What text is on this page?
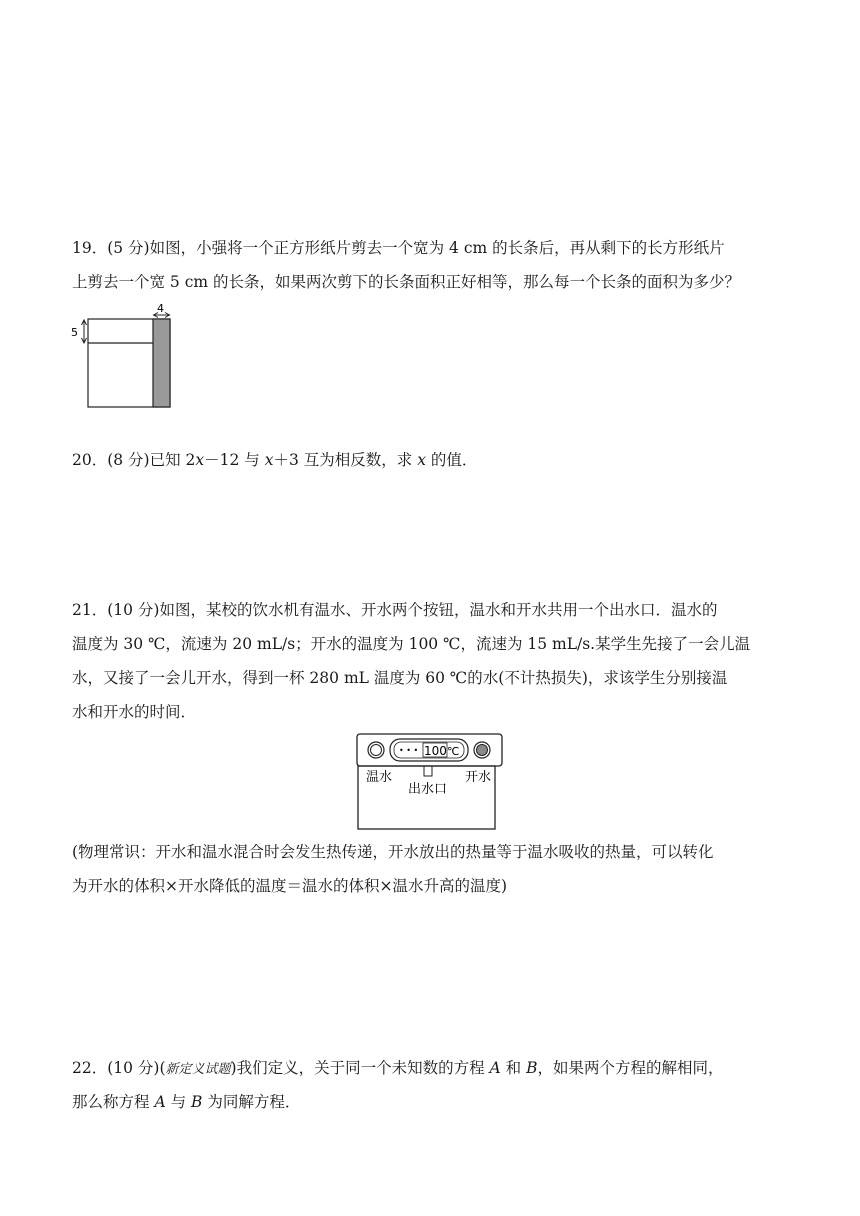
19．(5 分)如图，小强将一个正方形纸片剪去一个宽为 4 cm 的长条后，再从剩下的长方形纸片
上剪去一个宽 5 cm 的长条，如果两次剪下的长条面积正好相等，那么每一个长条的面积为多少？
4
5
20．(8 分)已知 2x－12 与 x＋3 互为相反数，求 x 的值．
21．(10 分)如图，某校的饮水机有温水、开水两个按钮，温水和开水共用一个出水口．温水的
温度为 30 ℃，流速为 20 mL/s；开水的温度为 100 ℃，流速为 15 mL/s.某学生先接了一会儿温
水，又接了一会儿开水，得到一杯 280 mL 温度为 60 ℃的水(不计热损失)，求该学生分别接温
水和开水的时间．
• • • 100 ℃
温水	开水
出水口
(物理常识：开水和温水混合时会发生热传递，开水放出的热量等于温水吸收的热量，可以转化
为开水的体积×开水降低的温度＝温水的体积×温水升高的温度)
22．(10 分)(新定义试题)我们定义，关于同一个未知数的方程 A 和 B，如果两个方程的解相同，
那么称方程 A 与 B 为同解方程．
